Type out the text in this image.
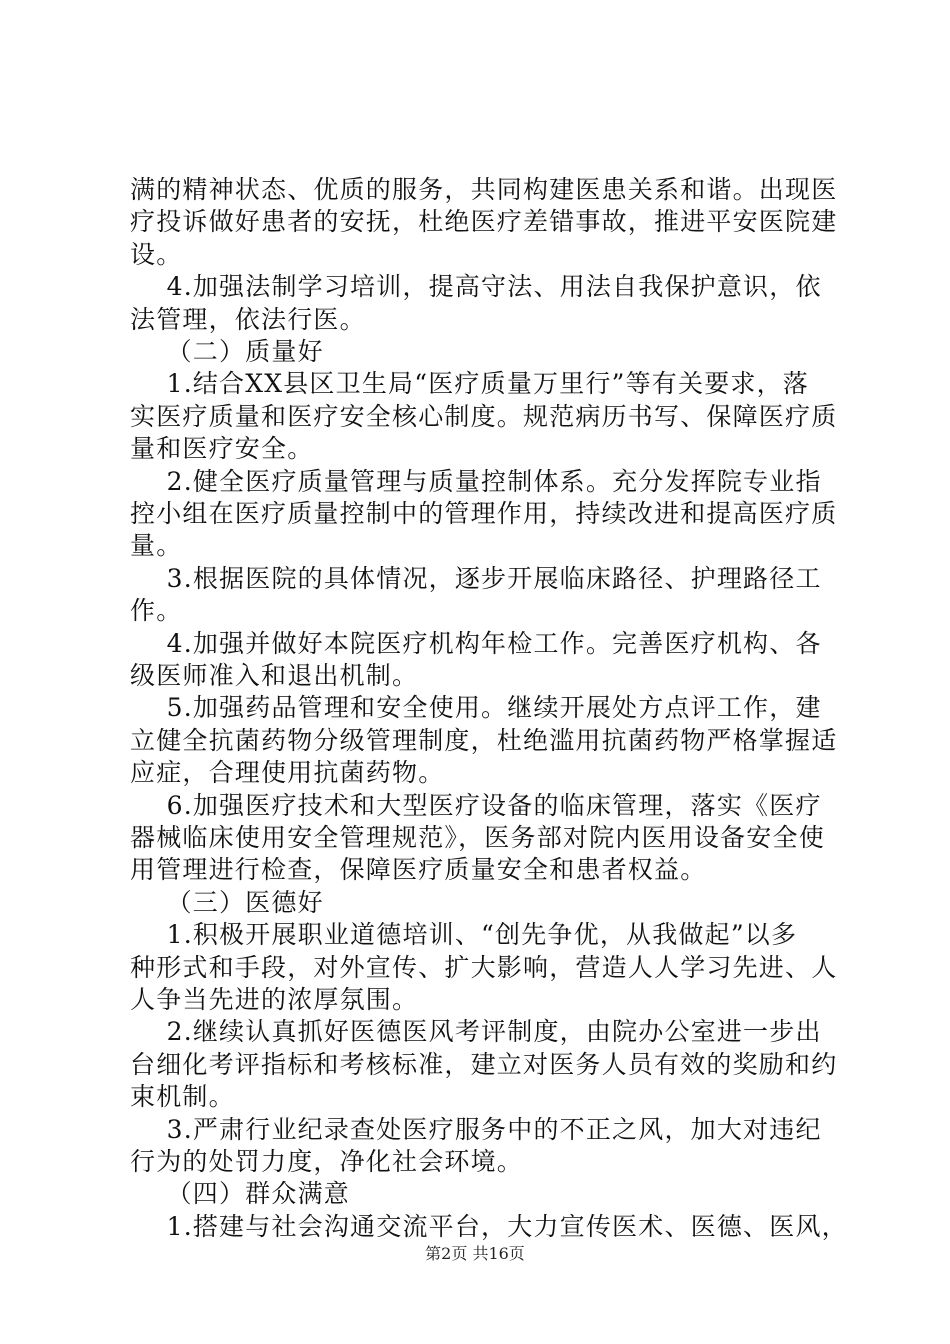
满的精神状态、优质的服务，共同构建医患关系和谐。出现医
疗投诉做好患者的安抚，杜绝医疗差错事故，推进平安医院建
设。
4.加强法制学习培训，提高守法、用法自我保护意识，依
法管理，依法行医。
（二）质量好
1.结合XX县区卫生局“医疗质量万里行”等有关要求，落
实医疗质量和医疗安全核心制度。规范病历书写、保障医疗质
量和医疗安全。
2.健全医疗质量管理与质量控制体系。充分发挥院专业指
控小组在医疗质量控制中的管理作用，持续改进和提高医疗质
量。
3.根据医院的具体情况，逐步开展临床路径、护理路径工
作。
4.加强并做好本院医疗机构年检工作。完善医疗机构、各
级医师准入和退出机制。
5.加强药品管理和安全使用。继续开展处方点评工作，建
立健全抗菌药物分级管理制度，杜绝滥用抗菌药物严格掌握适
应症，合理使用抗菌药物。
6.加强医疗技术和大型医疗设备的临床管理，落实《医疗
器械临床使用安全管理规范》，医务部对院内医用设备安全使
用管理进行检查，保障医疗质量安全和患者权益。
（三）医德好
1.积极开展职业道德培训、“创先争优，从我做起”以多
种形式和手段，对外宣传、扩大影响，营造人人学习先进、人
人争当先进的浓厚氛围。
2.继续认真抓好医德医风考评制度，由院办公室进一步出
台细化考评指标和考核标准，建立对医务人员有效的奖励和约
束机制。
3.严肃行业纪录查处医疗服务中的不正之风，加大对违纪
行为的处罚力度，净化社会环境。
（四）群众满意
1.搭建与社会沟通交流平台，大力宣传医术、医德、医风，
第2页 共16页
